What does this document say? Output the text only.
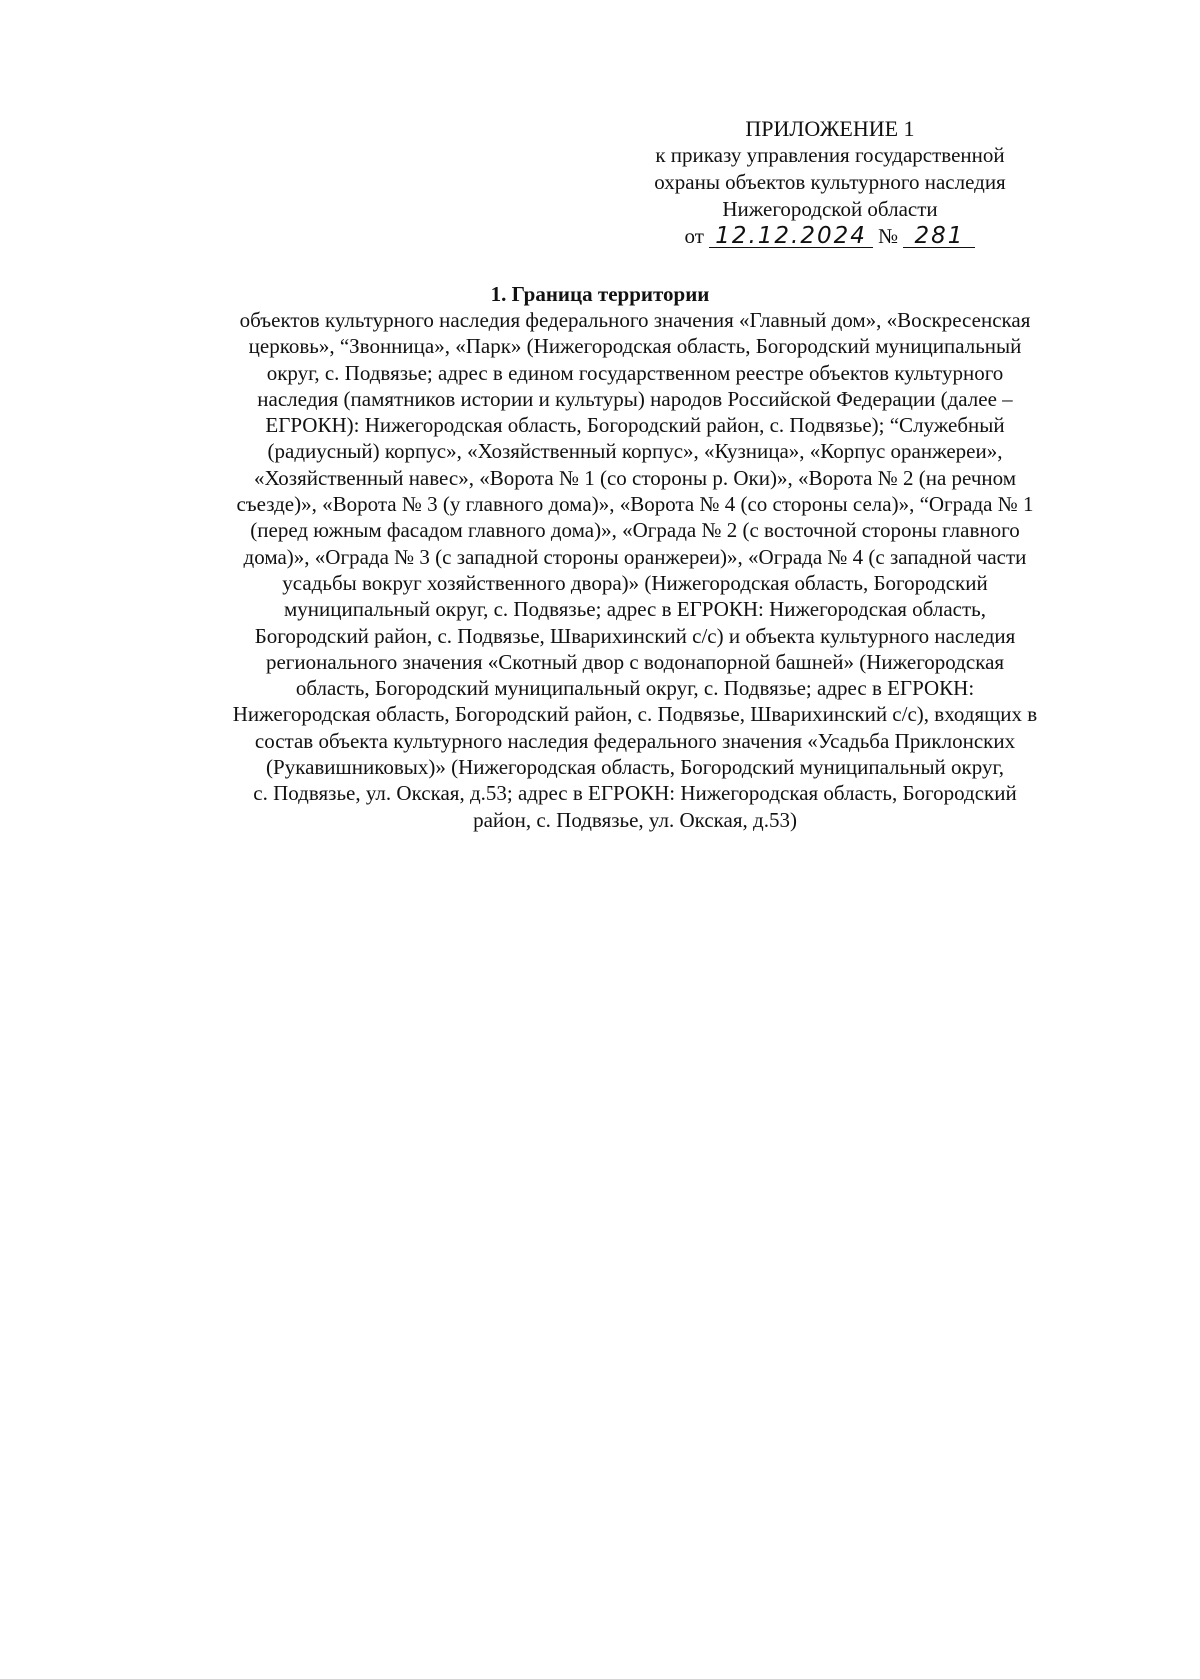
ПРИЛОЖЕНИЕ 1
к приказу управления государственной
охраны объектов культурного наследия
Нижегородской области
от 12.12.2024 № 281
1. Граница территории
объектов культурного наследия федерального значения «Главный дом», «Воскресенская
церковь», “Звонница», «Парк» (Нижегородская область, Богородский муниципальный
округ, с. Подвязье; адрес в едином государственном реестре объектов культурного
наследия (памятников истории и культуры) народов Российской Федерации (далее –
ЕГРОКН): Нижегородская область, Богородский район, с. Подвязье); “Служебный
(радиусный) корпус», «Хозяйственный корпус», «Кузница», «Корпус оранжереи»,
«Хозяйственный навес», «Ворота № 1 (со стороны р. Оки)», «Ворота № 2 (на речном
съезде)», «Ворота № 3 (у главного дома)», «Ворота № 4 (со стороны села)», “Ограда № 1
(перед южным фасадом главного дома)», «Ограда № 2 (с восточной стороны главного
дома)», «Ограда № 3 (с западной стороны оранжереи)», «Ограда № 4 (с западной части
усадьбы вокруг хозяйственного двора)» (Нижегородская область, Богородский
муниципальный округ, с. Подвязье; адрес в ЕГРОКН: Нижегородская область,
Богородский район, с. Подвязье, Шварихинский с/с) и объекта культурного наследия
регионального значения «Скотный двор с водонапорной башней» (Нижегородская
область, Богородский муниципальный округ, с. Подвязье; адрес в ЕГРОКН:
Нижегородская область, Богородский район, с. Подвязье, Шварихинский с/с), входящих в
состав объекта культурного наследия федерального значения «Усадьба Приклонских
(Рукавишниковых)» (Нижегородская область, Богородский муниципальный округ,
с. Подвязье, ул. Окская, д.53; адрес в ЕГРОКН: Нижегородская область, Богородский
район, с. Подвязье, ул. Окская, д.53)
